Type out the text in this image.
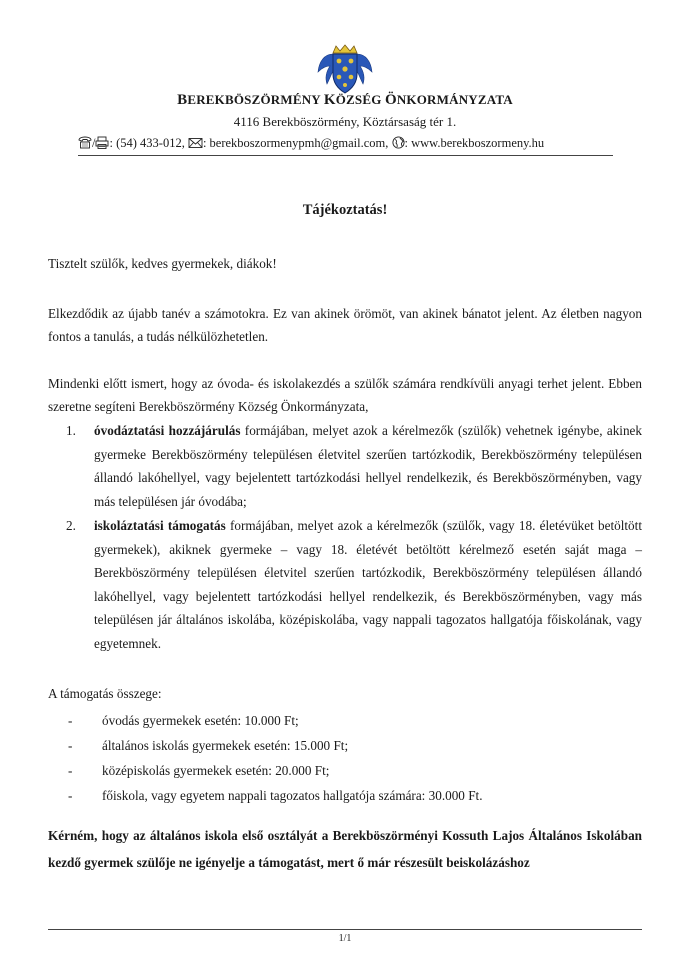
BEREKBÖSZÖRMÉNY KÖZSÉG ÖNKORMÁNYZATA
4116 Berekböszörmény, Köztársaság tér 1.
/ : (54) 433-012, : berekboszormenypmh@gmail.com, : www.berekboszormeny.hu
Tájékoztatás!
Tisztelt szülők, kedves gyermekek, diákok!
Elkezdődik az újabb tanév a számotokra. Ez van akinek örömöt, van akinek bánatot jelent. Az életben nagyon fontos a tanulás, a tudás nélkülözhetetlen.
Mindenki előtt ismert, hogy az óvoda- és iskolakezdés a szülők számára rendkívüli anyagi terhet jelent. Ebben szeretne segíteni Berekböszörmény Község Önkormányzata,
1. óvodáztatási hozzájárulás formájában, melyet azok a kérelmezők (szülők) vehetnek igénybe, akinek gyermeke Berekböszörmény településen életvitel szerűen tartózkodik, Berekböszörmény településen állandó lakóhellyel, vagy bejelentett tartózkodási hellyel rendelkezik, és Berekböszörményben, vagy más településen jár óvodába;
2. iskoláztatási támogatás formájában, melyet azok a kérelmezők (szülők, vagy 18. életévüket betöltött gyermekek), akiknek gyermeke – vagy 18. életévét betöltött kérelmező esetén saját maga – Berekböszörmény településen életvitel szerűen tartózkodik, Berekböszörmény településen állandó lakóhellyel, vagy bejelentett tartózkodási hellyel rendelkezik, és Berekböszörményben, vagy más településen jár általános iskolába, középiskolába, vagy nappali tagozatos hallgatója főiskolának, vagy egyetemnek.
A támogatás összege:
- óvodás gyermekek esetén: 10.000 Ft;
- általános iskolás gyermekek esetén: 15.000 Ft;
- középiskolás gyermekek esetén: 20.000 Ft;
- főiskola, vagy egyetem nappali tagozatos hallgatója számára: 30.000 Ft.
Kérném, hogy az általános iskola első osztályát a Berekböszörményi Kossuth Lajos Általános Iskolában kezdő gyermek szülője ne igényelje a támogatást, mert ő már részesült beiskolázáshoz
1/1
